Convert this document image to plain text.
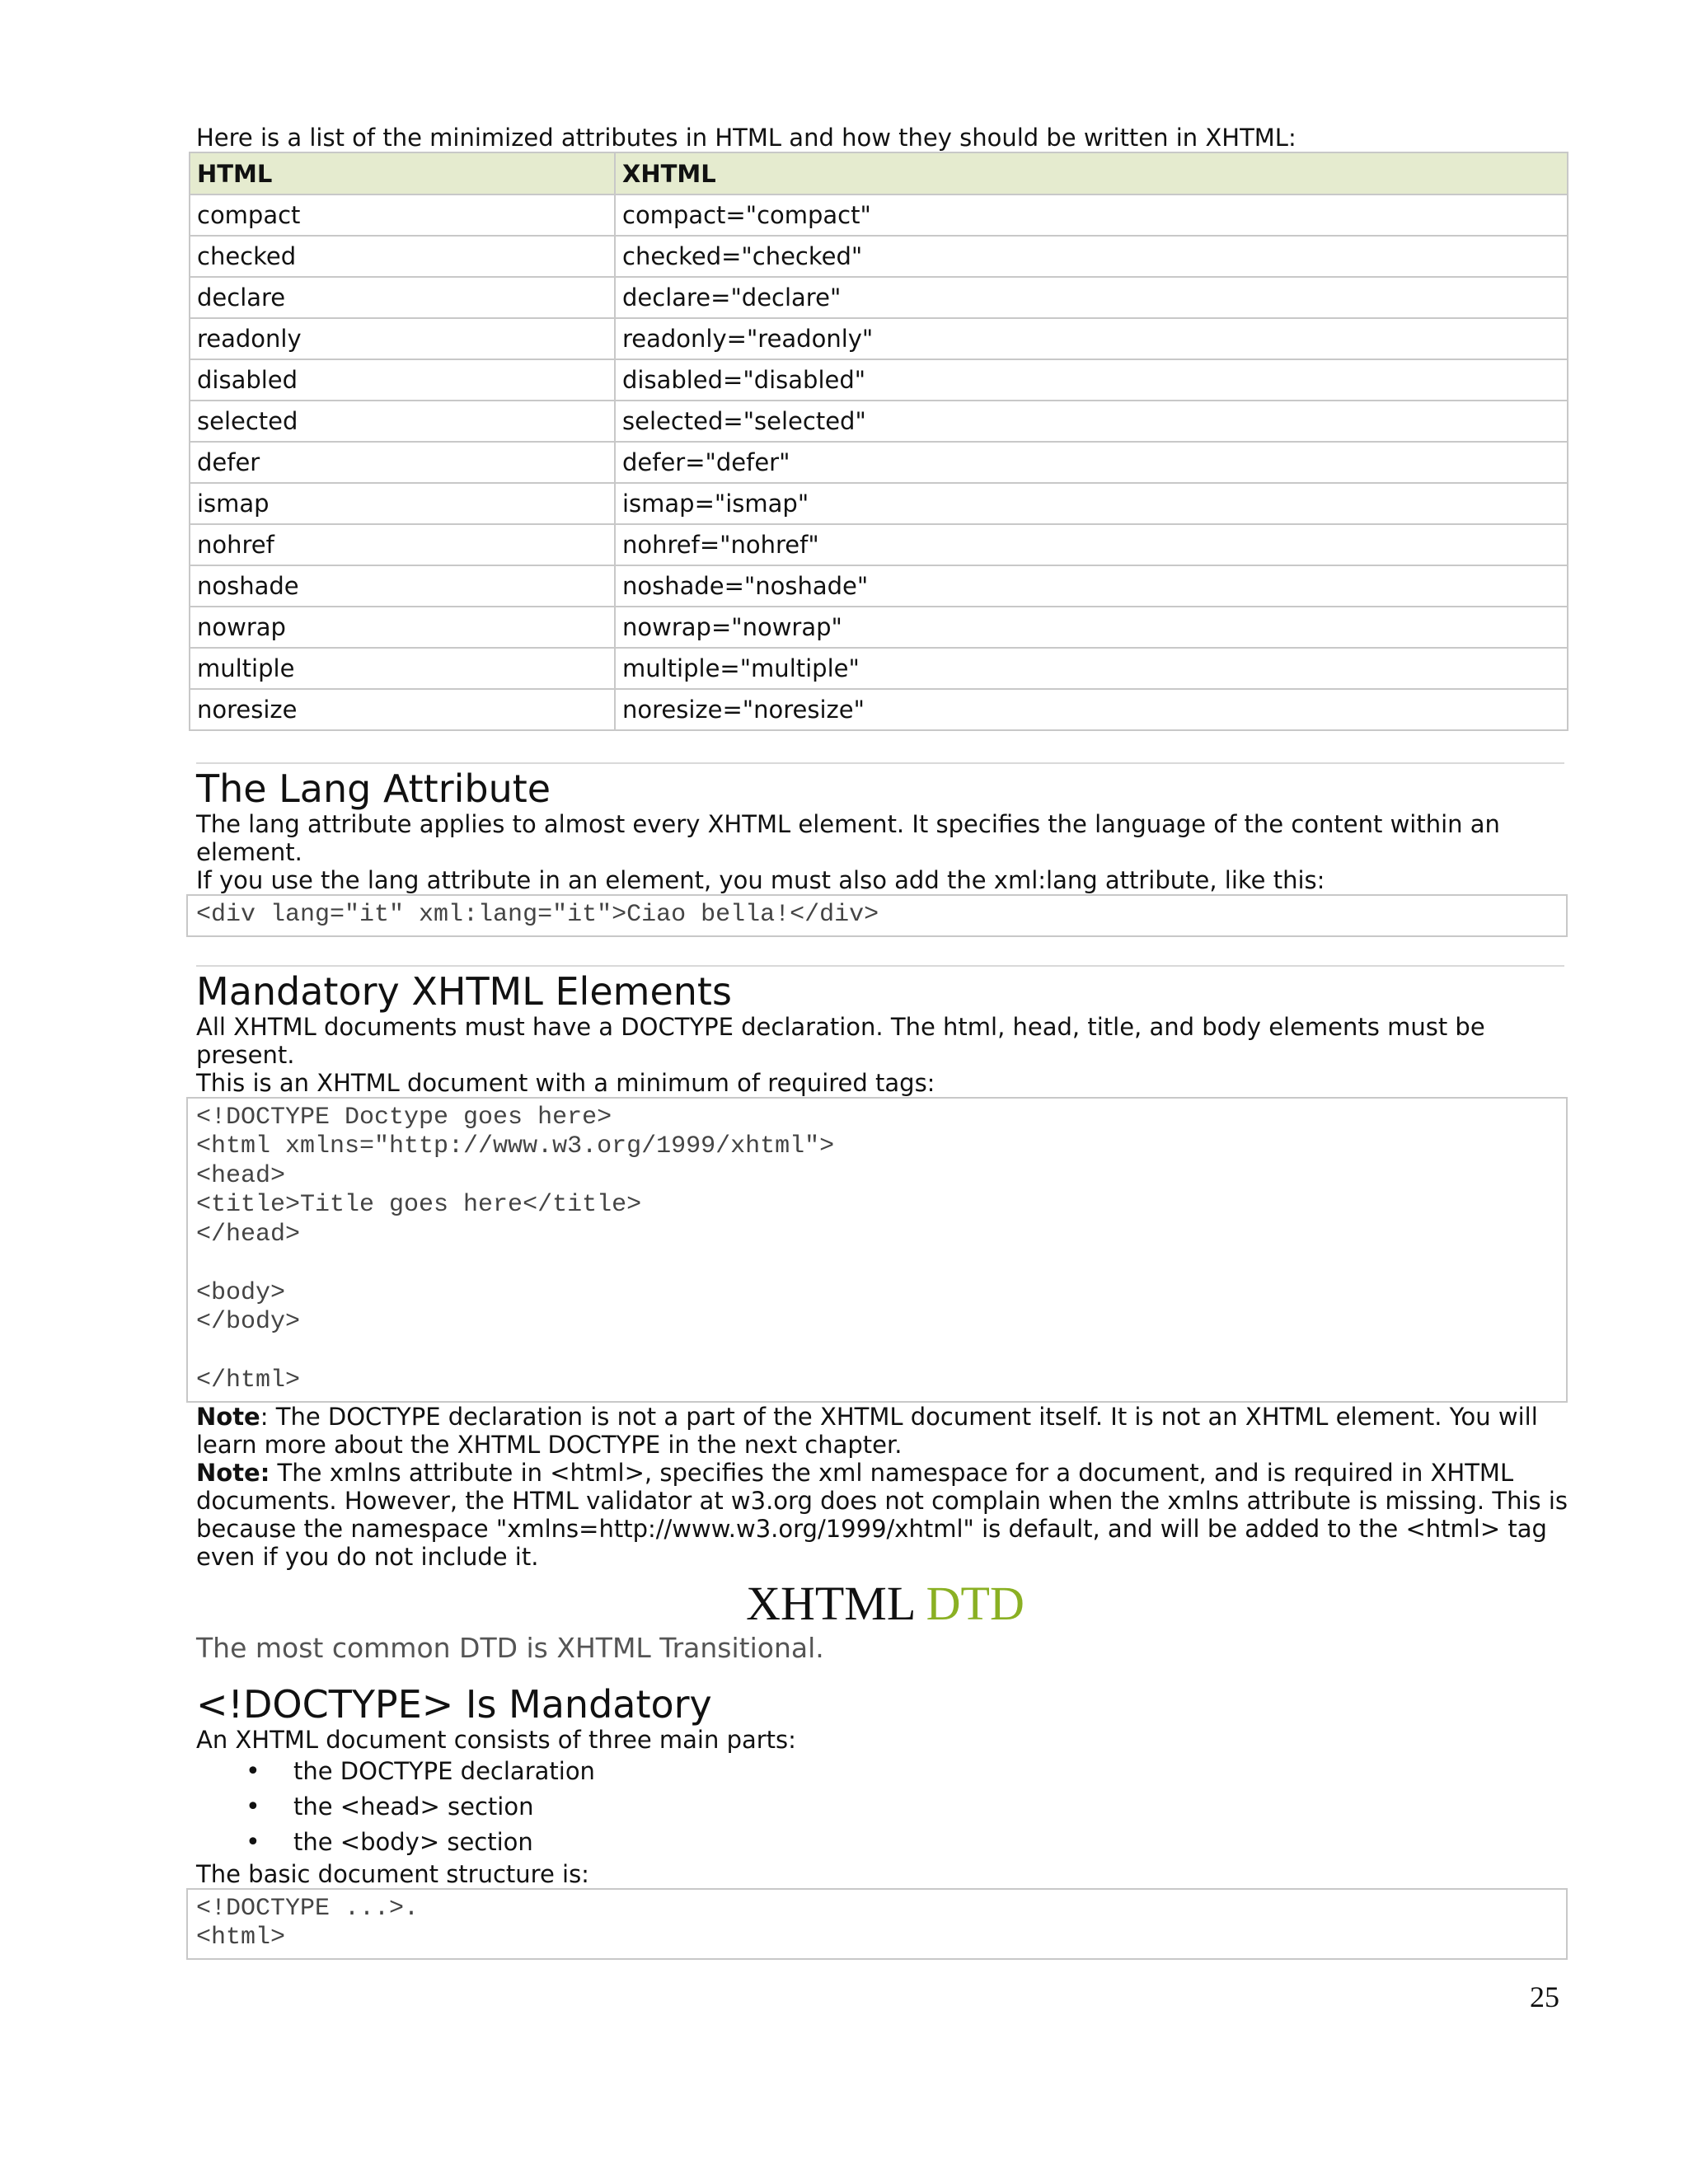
Here is a list of the minimized attributes in HTML and how they should be written in XHTML:

HTML	XHTML
compact	compact="compact"
checked	checked="checked"
declare	declare="declare"
readonly	readonly="readonly"
disabled	disabled="disabled"
selected	selected="selected"
defer	defer="defer"
ismap	ismap="ismap"
nohref	nohref="nohref"
noshade	noshade="noshade"
nowrap	nowrap="nowrap"
multiple	multiple="multiple"
noresize	noresize="noresize"
The Lang Attribute

The lang attribute applies to almost every XHTML element. It specifies the language of the content within an element.

If you use the lang attribute in an element, you must also add the xml:lang attribute, like this:

<div lang="it" xml:lang="it">Ciao bella!</div>
Mandatory XHTML Elements

All XHTML documents must have a DOCTYPE declaration. The html, head, title, and body elements must be present.

This is an XHTML document with a minimum of required tags:

<!DOCTYPE Doctype goes here>
<html xmlns="http://www.w3.org/1999/xhtml">
<head>
<title>Title goes here</title>
</head>

<body>
</body>

</html>

Note: The DOCTYPE declaration is not a part of the XHTML document itself. It is not an XHTML element. You will learn more about the XHTML DOCTYPE in the next chapter.

Note: The xmlns attribute in <html>, specifies the xml namespace for a document, and is required in XHTML documents. However, the HTML validator at w3.org does not complain when the xmlns attribute is missing. This is because the namespace "xmlns=http://www.w3.org/1999/xhtml" is default, and will be added to the <html> tag even if you do not include it.

XHTML DTD

The most common DTD is XHTML Transitional.

<!DOCTYPE> Is Mandatory

An XHTML document consists of three main parts:

• the DOCTYPE declaration
• the <head> section
• the <body> section

The basic document structure is:

<!DOCTYPE ...>.
<html>
25
